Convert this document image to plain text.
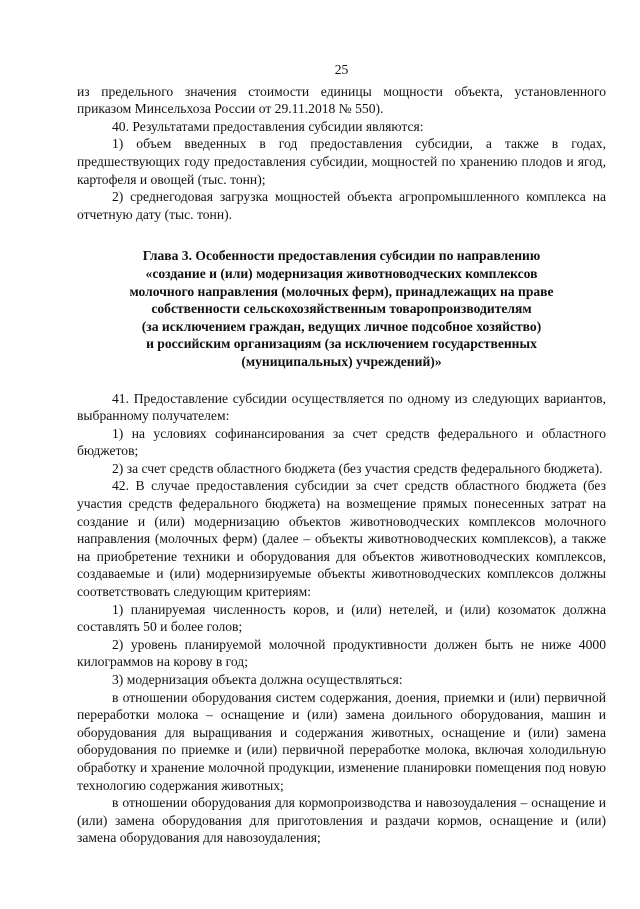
25

из предельного значения стоимости единицы мощности объекта, установленного приказом Минсельхоза России от 29.11.2018 № 550).

40. Результатами предоставления субсидии являются:

1) объем введенных в год предоставления субсидии, а также в годах, предшествующих году предоставления субсидии, мощностей по хранению плодов и ягод, картофеля и овощей (тыс. тонн);

2) среднегодовая загрузка мощностей объекта агропромышленного комплекса на отчетную дату (тыс. тонн).

Глава 3. Особенности предоставления субсидии по направлению
«создание и (или) модернизация животноводческих комплексов
молочного направления (молочных ферм), принадлежащих на праве
собственности сельскохозяйственным товаропроизводителям
(за исключением граждан, ведущих личное подсобное хозяйство)
и российским организациям (за исключением государственных
(муниципальных) учреждений)»

41. Предоставление субсидии осуществляется по одному из следующих вариантов, выбранному получателем:

1) на условиях софинансирования за счет средств федерального и областного бюджетов;

2) за счет средств областного бюджета (без участия средств федерального бюджета).

42. В случае предоставления субсидии за счет средств областного бюджета (без участия средств федерального бюджета) на возмещение прямых понесенных затрат на создание и (или) модернизацию объектов животноводческих комплексов молочного направления (молочных ферм) (далее – объекты животноводческих комплексов), а также на приобретение техники и оборудования для объектов животноводческих комплексов, создаваемые и (или) модернизируемые объекты животноводческих комплексов должны соответствовать следующим критериям:

1) планируемая численность коров, и (или) нетелей, и (или) козоматок должна составлять 50 и более голов;

2) уровень планируемой молочной продуктивности должен быть не ниже 4000 килограммов на корову в год;

3) модернизация объекта должна осуществляться:

в отношении оборудования систем содержания, доения, приемки и (или) первичной переработки молока – оснащение и (или) замена доильного оборудования, машин и оборудования для выращивания и содержания животных, оснащение и (или) замена оборудования по приемке и (или) первичной переработке молока, включая холодильную обработку и хранение молочной продукции, изменение планировки помещения под новую технологию содержания животных;

в отношении оборудования для кормопроизводства и навозоудаления – оснащение и (или) замена оборудования для приготовления и раздачи кормов, оснащение и (или) замена оборудования для навозоудаления;
